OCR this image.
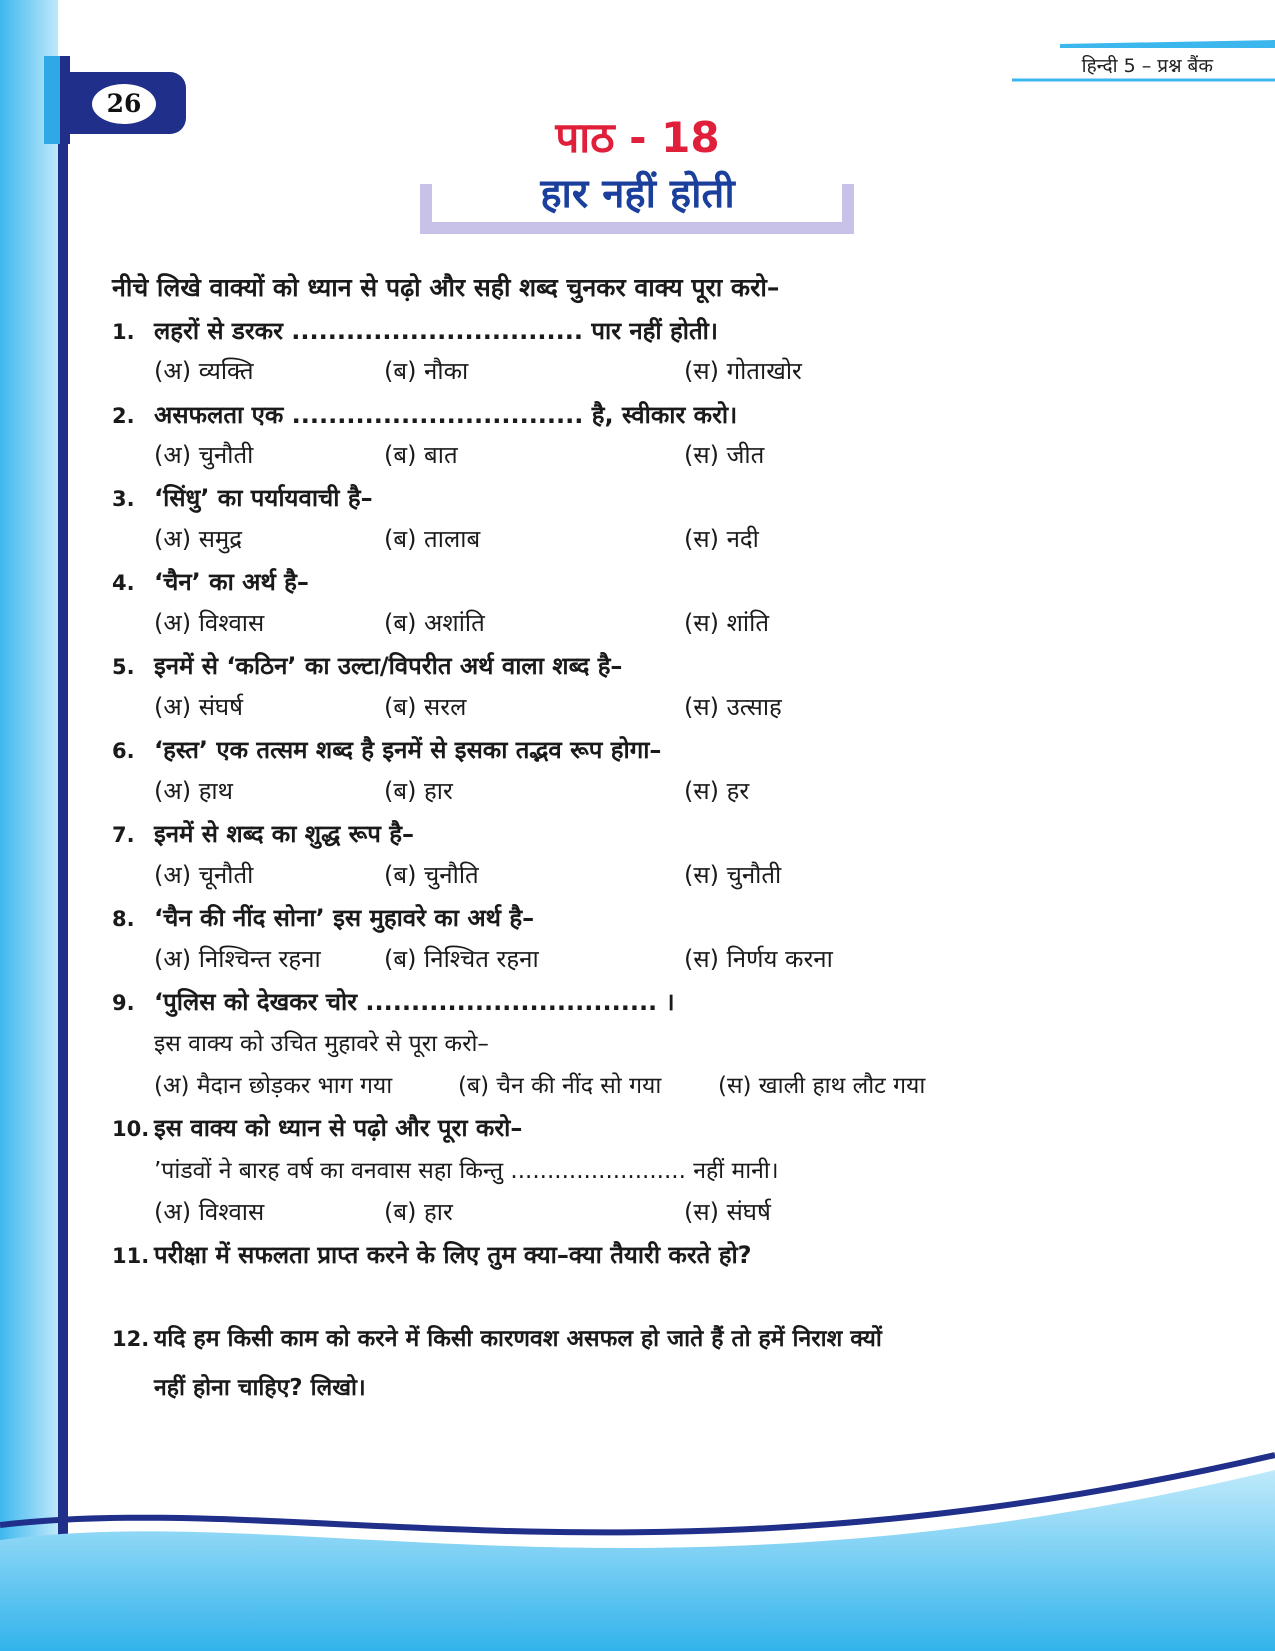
हिन्दी 5 – प्रश्न बैंक
26
पाठ - 18
हार नहीं होती
नीचे लिखे वाक्यों को ध्यान से पढ़ो और सही शब्द चुनकर वाक्य पूरा करो–
1. लहरों से डरकर ................................ पार नहीं होती।
(अ) व्यक्ति	(ब) नौका	(स) गोताखोर
2. असफलता एक ................................ है, स्वीकार करो।
(अ) चुनौती	(ब) बात	(स) जीत
3. ‘सिंधु’ का पर्यायवाची है–
(अ) समुद्र	(ब) तालाब	(स) नदी
4. ‘चैन’ का अर्थ है–
(अ) विश्वास	(ब) अशांति	(स) शांति
5. इनमें से ‘कठिन’ का उल्टा/विपरीत अर्थ वाला शब्द है–
(अ) संघर्ष	(ब) सरल	(स) उत्साह
6. ‘हस्त’ एक तत्सम शब्द है इनमें से इसका तद्भव रूप होगा–
(अ) हाथ	(ब) हार	(स) हर
7. इनमें से शब्द का शुद्ध रूप है–
(अ) चूनौती	(ब) चुनौति	(स) चुनौती
8. ‘चैन की नींद सोना’ इस मुहावरे का अर्थ है–
(अ) निश्चिन्त रहना	(ब) निश्चित रहना	(स) निर्णय करना
9. ‘पुलिस को देखकर चोर ................................ ।
इस वाक्य को उचित मुहावरे से पूरा करो–
(अ) मैदान छोड़कर भाग गया	(ब) चैन की नींद सो गया (स) खाली हाथ लौट गया
10. इस वाक्य को ध्यान से पढ़ो और पूरा करो–
’पांडवों ने बारह वर्ष का वनवास सहा किन्तु ........................ नहीं मानी।
(अ) विश्वास	(ब) हार	(स) संघर्ष
11. परीक्षा में सफलता प्राप्त करने के लिए तुम क्या–क्या तैयारी करते हो?
12. यदि हम किसी काम को करने में किसी कारणवश असफल हो जाते हैं तो हमें निराश क्यों
नहीं होना चाहिए? लिखो।
